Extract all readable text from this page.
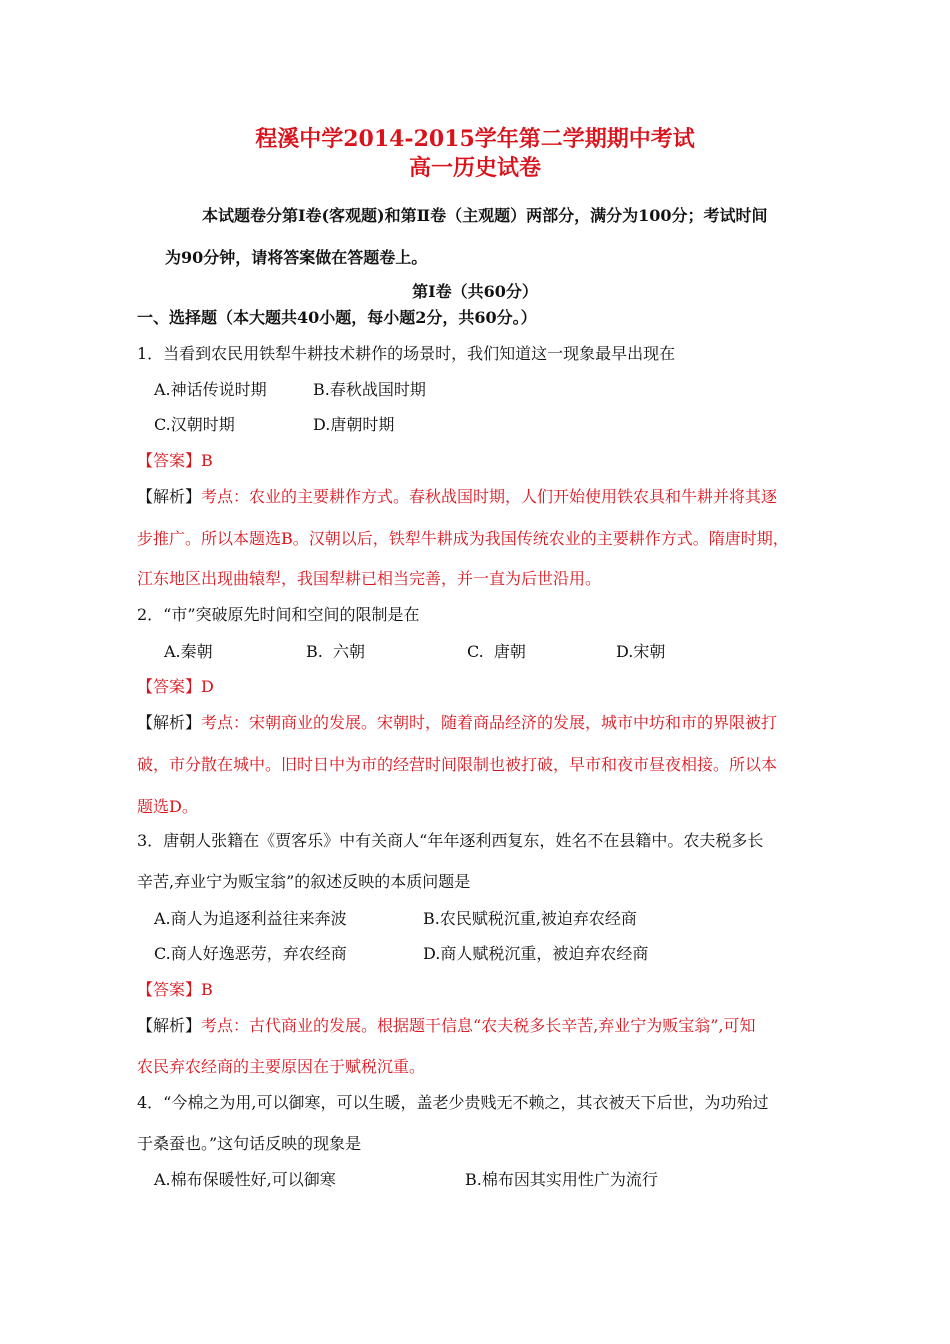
程溪中学2014-2015学年第二学期期中考试
高一历史试卷
本试题卷分第Ⅰ卷(客观题)和第Ⅱ卷（主观题）两部分，满分为100分；考试时间
为90分钟，请将答案做在答题卷上。
第Ⅰ卷（共60分）
一、选择题（本大题共40小题，每小题2分，共60分。）
1．当看到农民用铁犁牛耕技术耕作的场景时，我们知道这一现象最早出现在
A.神话传说时期	B.春秋战国时期
C.汉朝时期	D.唐朝时期
【答案】B
【解析】考点：农业的主要耕作方式。春秋战国时期，人们开始使用铁农具和牛耕并将其逐
步推广。所以本题选B。汉朝以后，铁犁牛耕成为我国传统农业的主要耕作方式。隋唐时期，
江东地区出现曲辕犁，我国犁耕已相当完善，并一直为后世沿用。
2．“市”突破原先时间和空间的限制是在
A.秦朝	B.  六朝	C.  唐朝	D.宋朝
【答案】D
【解析】考点：宋朝商业的发展。宋朝时，随着商品经济的发展，城市中坊和市的界限被打
破，市分散在城中。旧时日中为市的经营时间限制也被打破，早市和夜市昼夜相接。所以本
题选D。
3．唐朝人张籍在《贾客乐》中有关商人“年年逐利西复东，姓名不在县籍中。农夫税多长
辛苦,弃业宁为贩宝翁”的叙述反映的本质问题是
A.商人为追逐利益往来奔波	B.农民赋税沉重,被迫弃农经商
C.商人好逸恶劳，弃农经商	D.商人赋税沉重，被迫弃农经商
【答案】B
【解析】考点：古代商业的发展。根据题干信息“农夫税多长辛苦,弃业宁为贩宝翁”,可知
农民弃农经商的主要原因在于赋税沉重。
4．“今棉之为用,可以御寒，可以生暖，盖老少贵贱无不赖之，其衣被天下后世，为功殆过
于桑蚕也。”这句话反映的现象是
A.棉布保暖性好,可以御寒	B.棉布因其实用性广为流行
